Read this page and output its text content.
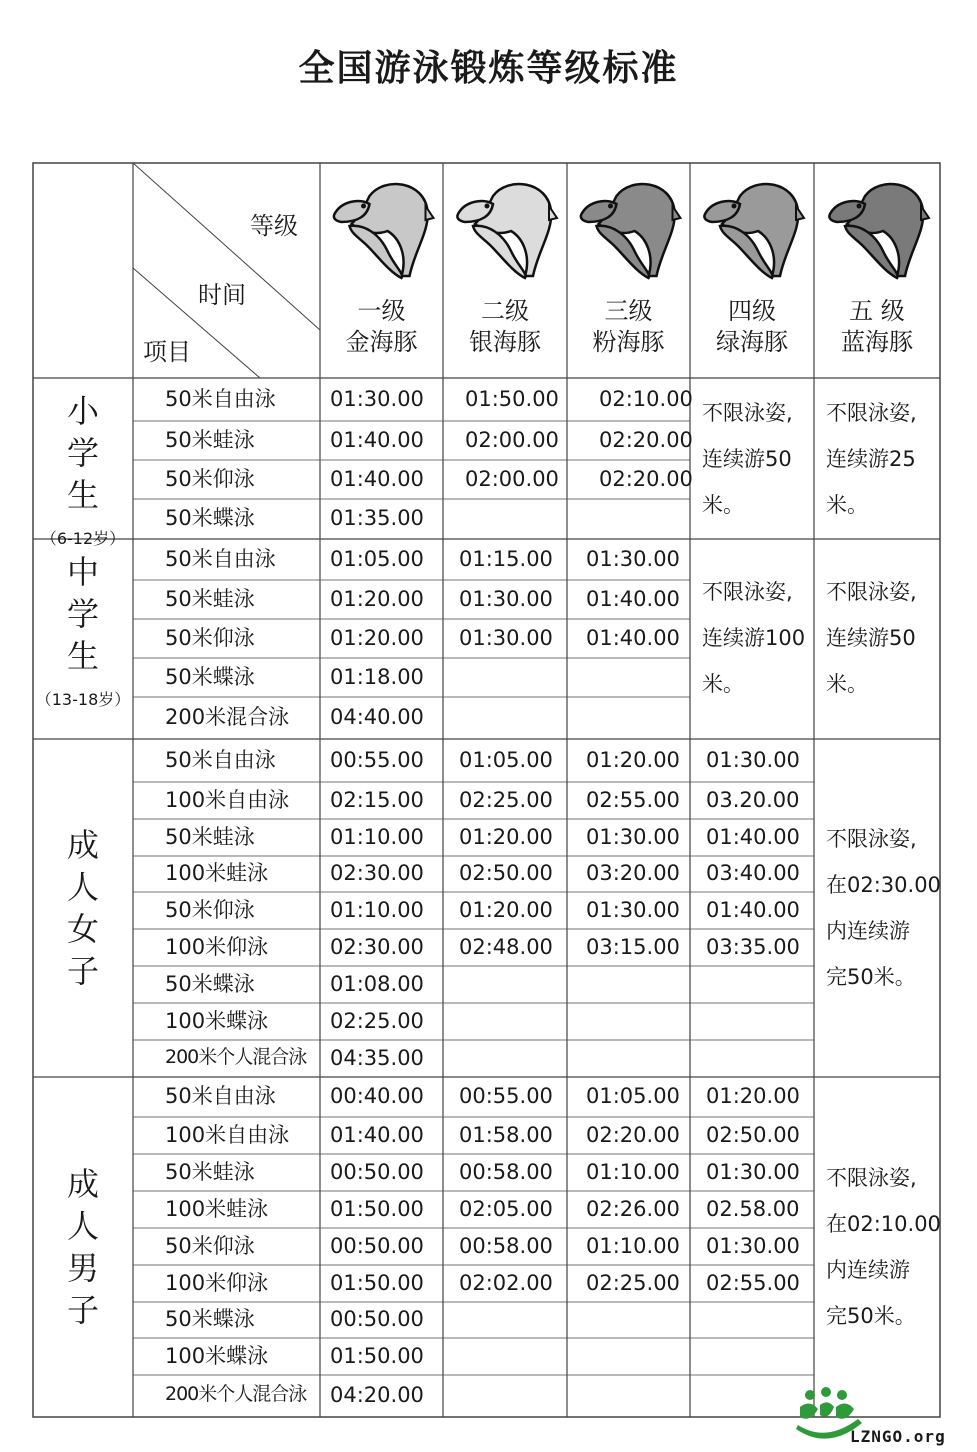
全国游泳锻炼等级标准
等级
时间
项目
一级
金海豚
二级
银海豚
三级
粉海豚
四级
绿海豚
五 级
蓝海豚
小
学
生
（6-12岁）
50米自由泳	01:30.00 01:50.00 02:10.00
50米蛙泳	01:40.00 02:00.00 02:20.00
50米仰泳	01:40.00 02:00.00 02:20.00
50米蝶泳	01:35.00
不限泳姿,
连续游50
米。
不限泳姿,
连续游25
米。
中
学
生
（13-18岁）
50米自由泳	01:05.00 01:15.00 01:30.00
50米蛙泳	01:20.00 01:30.00 01:40.00
50米仰泳	01:20.00 01:30.00 01:40.00
50米蝶泳	01:18.00
200米混合泳 04:40.00
不限泳姿,
连续游100
米。
不限泳姿,
连续游50
米。
成
人
女
子
50米自由泳	00:55.00 01:05.00 01:20.00 01:30.00
100米自由泳 02:15.00 02:25.00 02:55.00 03.20.00
50米蛙泳	01:10.00 01:20.00 01:30.00 01:40.00
100米蛙泳	02:30.00 02:50.00 03:20.00 03:40.00
50米仰泳	01:10.00 01:20.00 01:30.00 01:40.00
100米仰泳	02:30.00 02:48.00 03:15.00 03:35.00
50米蝶泳	01:08.00
100米蝶泳	02:25.00
200米个人混合泳 04:35.00
不限泳姿,
在02:30.00
内连续游
完50米。
成
人
男
子
50米自由泳	00:40.00 00:55.00 01:05.00 01:20.00
100米自由泳 01:40.00 01:58.00 02:20.00 02:50.00
50米蛙泳	00:50.00 00:58.00 01:10.00 01:30.00
100米蛙泳	01:50.00 02:05.00 02:26.00 02.58.00
50米仰泳	00:50.00 00:58.00 01:10.00 01:30.00
100米仰泳	01:50.00 02:02.00 02:25.00 02:55.00
50米蝶泳	00:50.00
100米蝶泳	01:50.00
200米个人混合泳 04:20.00
不限泳姿,
在02:10.00
内连续游
完50米。
LZNGO.org
